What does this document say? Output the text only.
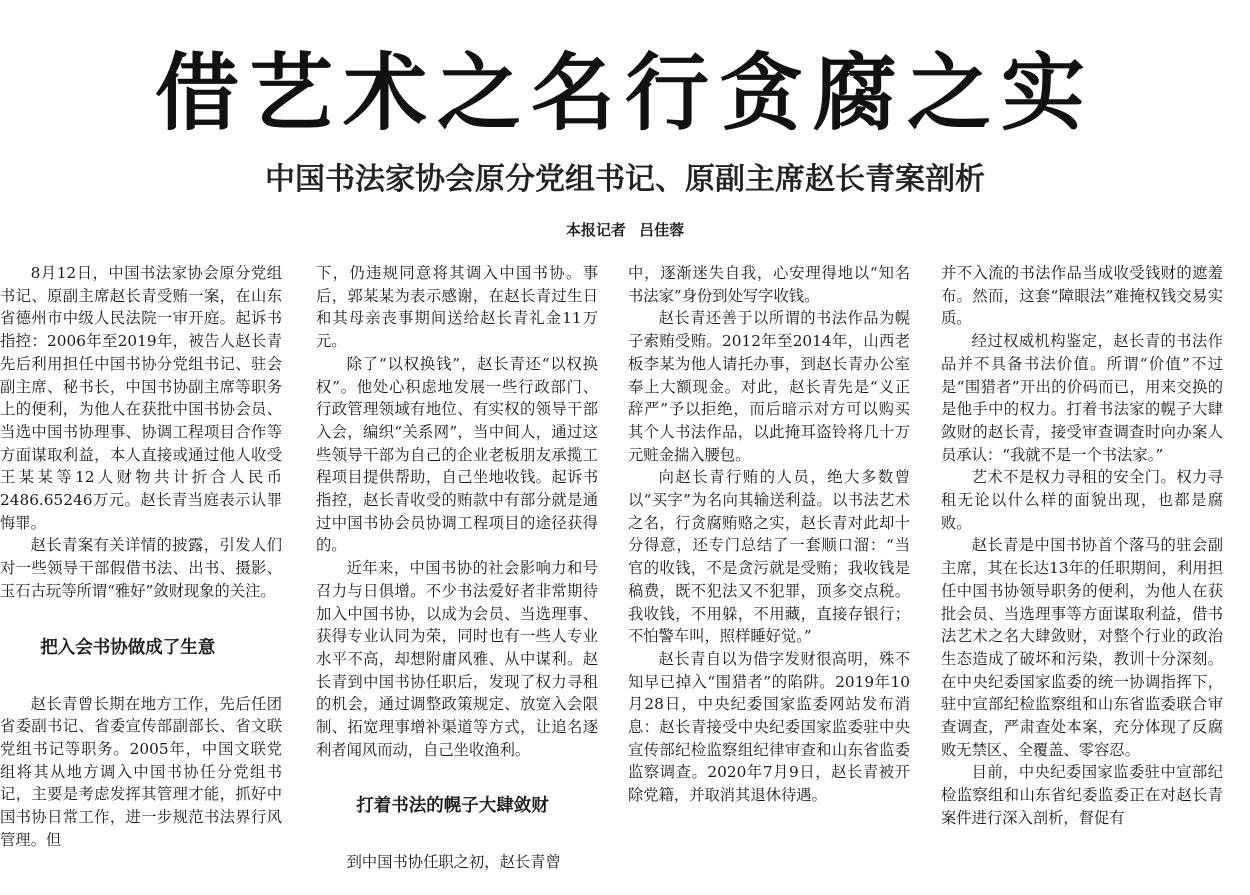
借艺术之名行贪腐之实
中国书法家协会原分党组书记、原副主席赵长青案剖析
本报记者 吕佳蓉

8月12日，中国书法家协会原分党组书记、原副主席赵长青受贿一案，在山东省德州市中级人民法院一审开庭。起诉书指控：2006年至2019年，被告人赵长青先后利用担任中国书协分党组书记、驻会副主席、秘书长，中国书协副主席等职务上的便利，为他人在获批中国书协会员、当选中国书协理事、协调工程项目合作等方面谋取利益，本人直接或通过他人收受王某某等12人财物共计折合人民币2486.65246万元。赵长青当庭表示认罪悔罪。

赵长青案有关详情的披露，引发人们对一些领导干部假借书法、出书、摄影、玉石古玩等所谓“雅好”敛财现象的关注。

把入会书协做成了生意

赵长青曾长期在地方工作，先后任团省委副书记、省委宣传部副部长、省文联党组书记等职务。2005年，中国文联党组将其从地方调入中国书协任分党组书记，主要是考虑发挥其管理才能，抓好中国书协日常工作，进一步规范书法界行风管理。但

下，仍违规同意将其调入中国书协。事后，郭某某为表示感谢，在赵长青过生日和其母亲丧事期间送给赵长青礼金11万元。

除了“以权换钱”，赵长青还“以权换权”。他处心积虑地发展一些行政部门、行政管理领域有地位、有实权的领导干部入会，编织“关系网”，当中间人，通过这些领导干部为自己的企业老板朋友承揽工程项目提供帮助，自己坐地收钱。起诉书指控，赵长青收受的贿款中有部分就是通过中国书协会员协调工程项目的途径获得的。

近年来，中国书协的社会影响力和号召力与日俱增。不少书法爱好者非常期待加入中国书协，以成为会员、当选理事、获得专业认同为荣，同时也有一些人专业水平不高，却想附庸风雅、从中谋利。赵长青到中国书协任职后，发现了权力寻租的机会，通过调整政策规定、放宽入会限制、拓宽理事增补渠道等方式，让追名逐利者闻风而动，自己坐收渔利。

打着书法的幌子大肆敛财

到中国书协任职之初，赵长青曾

中，逐渐迷失自我，心安理得地以“知名书法家”身份到处写字收钱。

赵长青还善于以所谓的书法作品为幌子索贿受贿。2012年至2014年，山西老板李某为他人请托办事，到赵长青办公室奉上大额现金。对此，赵长青先是“义正辞严”予以拒绝，而后暗示对方可以购买其个人书法作品，以此掩耳盗铃将几十万元赃金揣入腰包。

向赵长青行贿的人员，绝大多数曾以“买字”为名向其输送利益。以书法艺术之名，行贪腐贿赂之实，赵长青对此却十分得意，还专门总结了一套顺口溜：“当官的收钱，不是贪污就是受贿；我收钱是稿费，既不犯法又不犯罪，顶多交点税。我收钱，不用躲，不用藏，直接存银行；不怕警车叫，照样睡好觉。”

赵长青自以为借字发财很高明，殊不知早已掉入“围猎者”的陷阱。2019年10月28日，中央纪委国家监委网站发布消息：赵长青接受中央纪委国家监委驻中央宣传部纪检监察组纪律审查和山东省监委监察调查。2020年7月9日，赵长青被开除党籍，并取消其退休待遇。

并不入流的书法作品当成收受钱财的遮羞布。然而，这套“障眼法”难掩权钱交易实质。

经过权威机构鉴定，赵长青的书法作品并不具备书法价值。所谓“价值”不过是“围猎者”开出的价码而已，用来交换的是他手中的权力。打着书法家的幌子大肆敛财的赵长青，接受审查调查时向办案人员承认：“我就不是一个书法家。”

艺术不是权力寻租的安全门。权力寻租无论以什么样的面貌出现，也都是腐败。

赵长青是中国书协首个落马的驻会副主席，其在长达13年的任职期间，利用担任中国书协领导职务的便利，为他人在获批会员、当选理事等方面谋取利益，借书法艺术之名大肆敛财，对整个行业的政治生态造成了破坏和污染，教训十分深刻。在中央纪委国家监委的统一协调指挥下，驻中宣部纪检监察组和山东省监委联合审查调查，严肃查处本案，充分体现了反腐败无禁区、全覆盖、零容忍。

目前，中央纪委国家监委驻中宣部纪检监察组和山东省纪委监委正在对赵长青案件进行深入剖析，督促有
